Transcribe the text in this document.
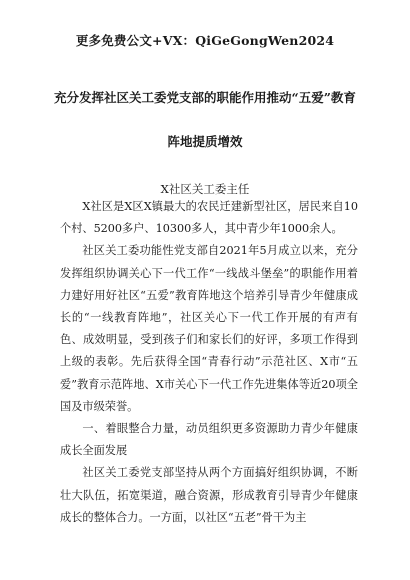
更多免费公文+VX：QiGeGongWen2024
充分发挥社区关工委党支部的职能作用推动“五爱”教育
阵地提质增效
X社区关工委主任

X社区是X区X镇最大的农民迁建新型社区，居民来自10个村、5200多户、10300多人，其中青少年1000余人。

社区关工委功能性党支部自2021年5月成立以来，充分发挥组织协调关心下一代工作“一线战斗堡垒”的职能作用着力建好用好社区“五爱”教育阵地这个培养引导青少年健康成长的“一线教育阵地”，社区关心下一代工作开展的有声有色、成效明显，受到孩子们和家长们的好评，多项工作得到上级的表彰。先后获得全国“青春行动”示范社区、X市“五爱”教育示范阵地、X市关心下一代工作先进集体等近20项全国及市级荣誉。

一、着眼整合力量，动员组织更多资源助力青少年健康成长全面发展

社区关工委党支部坚持从两个方面搞好组织协调，不断壮大队伍，拓宽渠道，融合资源，形成教育引导青少年健康成长的整体合力。一方面，以社区“五老”骨干为主
